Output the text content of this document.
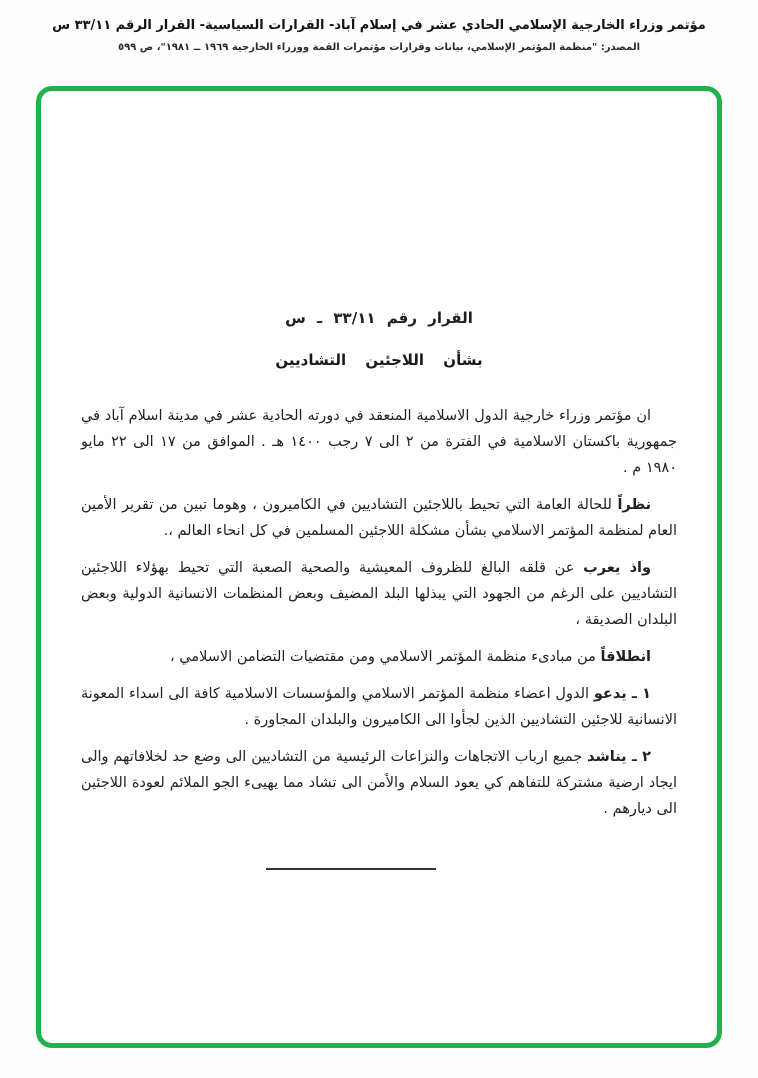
مؤتمر وزراء الخارجية الإسلامي الحادي عشر في إسلام آباد- القرارات السياسية- القرار الرقم ٣٣/١١ س
المصدر: "منظمة المؤتمر الإسلامي، بيانات وقرارات مؤتمرات القمة ووزراء الخارجية ١٩٦٩ ــ ١٩٨١"، ص ٥٩٩
القرار رقم ٣٣/١١ ـ س
بشأن اللاجئين التشاديين

ان مؤتمر وزراء خارجية الدول الاسلامية المنعقد في دورته الحادية عشر في مدينة اسلام آباد في جمهورية باكستان الاسلامية في الفترة من ٢ الى ٧ رجب ١٤٠٠ هـ . الموافق من ١٧ الى ٢٢ مايو ١٩٨٠ م .

نظراً للحالة العامة التي تحيط باللاجئين التشاديين في الكاميرون ، وهوما تبين من تقرير الأمين العام لمنظمة المؤتمر الاسلامي بشأن مشكلة اللاجئين المسلمين في كل انحاء العالم ،.

واذ يعرب عن قلقه البالغ للظروف المعيشية والصحية الصعبة التي تحيط بهؤلاء اللاجئين التشاديين على الرغم من الجهود التي يبذلها البلد المضيف وبعض المنظمات الانسانية الدولية وبعض البلدان الصديقة ،

انطلاقاً من مبادىء منظمة المؤتمر الاسلامي ومن مقتضيات التضامن الاسلامي ،

١ ـ يدعو الدول اعضاء منظمة المؤتمر الاسلامي والمؤسسات الاسلامية كافة الى اسداء المعونة الانسانية للاجئين التشاديين الذين لجأوا الى الكاميرون والبلدان المجاورة .

٢ ـ يناشد جميع ارباب الاتجاهات والنزاعات الرئيسية من التشاديين الى وضع حد لخلافاتهم والى ايجاد ارضية مشتركة للتفاهم كي يعود السلام والأمن الى تشاد مما يهيىء الجو الملائم لعودة اللاجئين الى ديارهم .
